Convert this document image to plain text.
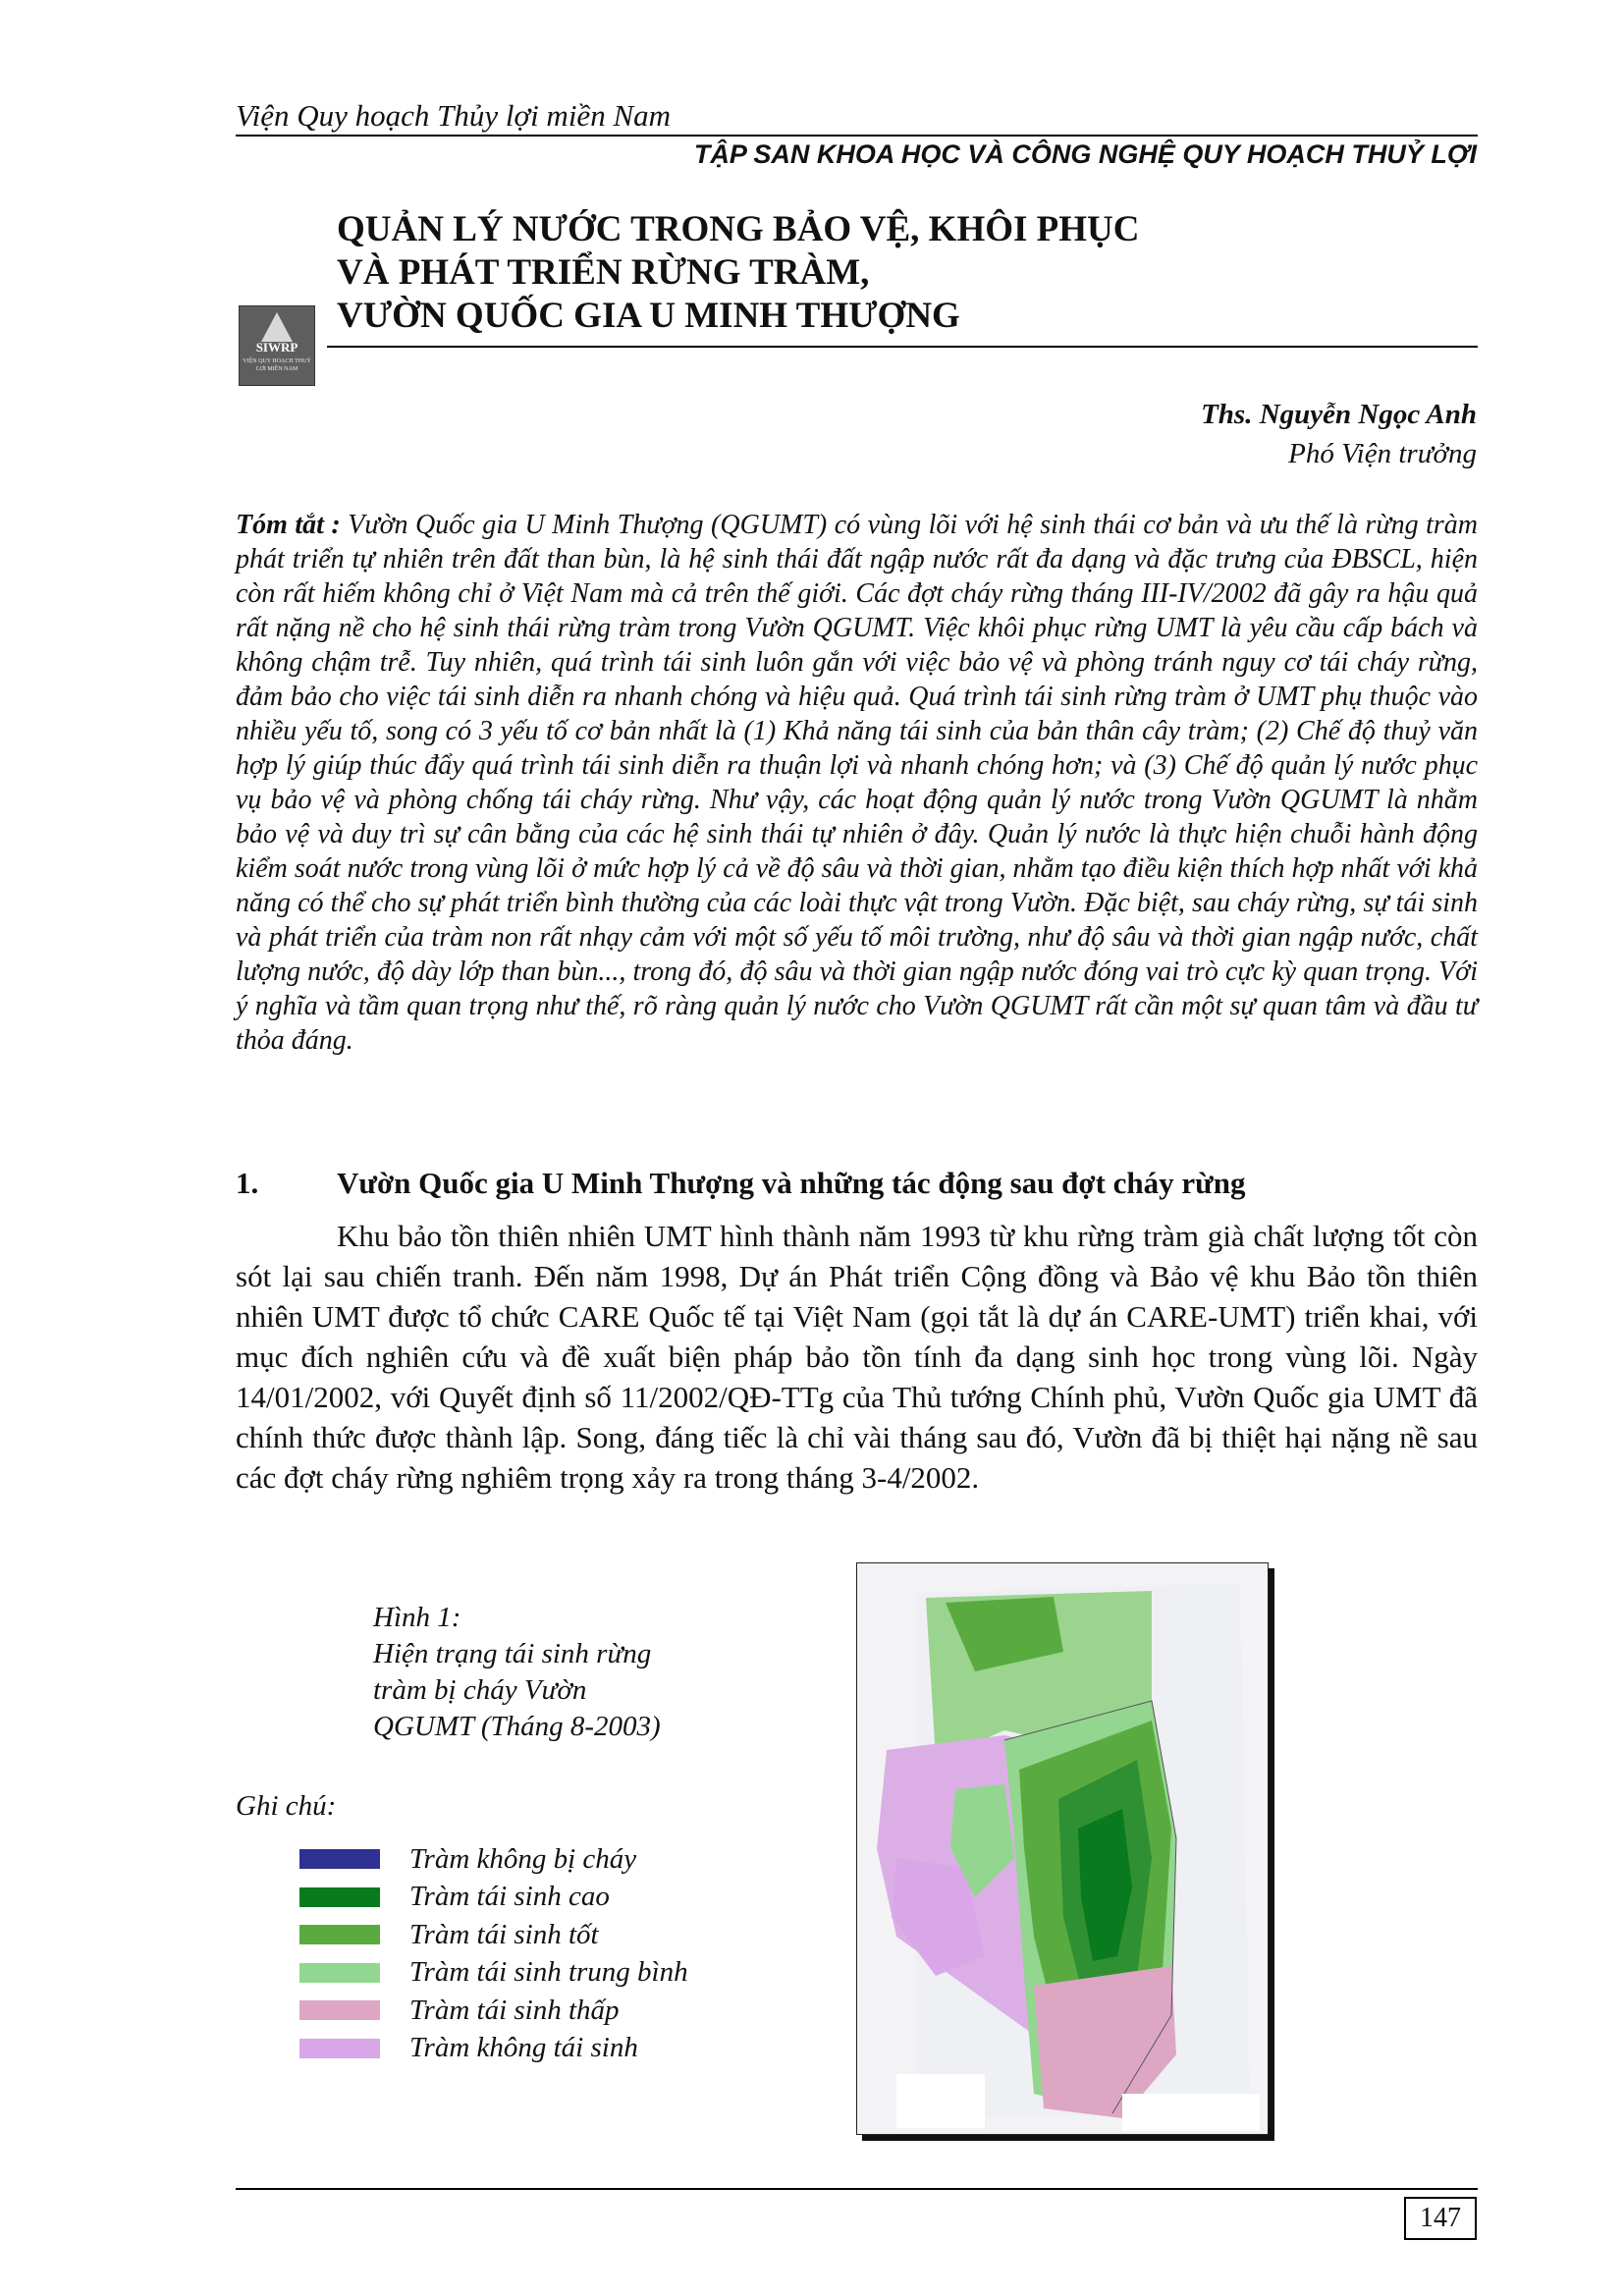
Viện Quy hoạch Thủy lợi miền Nam
TẬP SAN KHOA HỌC VÀ CÔNG NGHỆ QUY HOẠCH THUỶ LỢI
SIWRP
VIỆN QUY HOẠCH THUỶ LỢI MIỀN NAM
QUẢN LÝ NƯỚC TRONG BẢO VỆ, KHÔI PHỤC
VÀ PHÁT TRIỂN RỪNG TRÀM,
VƯỜN QUỐC GIA U MINH THƯỢNG
Ths. Nguyễn Ngọc Anh
Phó Viện trưởng
Tóm tắt : Vườn Quốc gia U Minh Thượng (QGUMT) có vùng lõi với hệ sinh thái cơ bản và ưu thế là rừng tràm phát triển tự nhiên trên đất than bùn, là hệ sinh thái đất ngập nước rất đa dạng và đặc trưng của ĐBSCL, hiện còn rất hiếm không chỉ ở Việt Nam mà cả trên thế giới. Các đợt cháy rừng tháng III-IV/2002 đã gây ra hậu quả rất nặng nề cho hệ sinh thái rừng tràm trong Vườn QGUMT. Việc khôi phục rừng UMT là yêu cầu cấp bách và không chậm trễ. Tuy nhiên, quá trình tái sinh luôn gắn với việc bảo vệ và phòng tránh nguy cơ tái cháy rừng, đảm bảo cho việc tái sinh diễn ra nhanh chóng và hiệu quả. Quá trình tái sinh rừng tràm ở UMT phụ thuộc vào nhiều yếu tố, song có 3 yếu tố cơ bản nhất là (1) Khả năng tái sinh của bản thân cây tràm; (2) Chế độ thuỷ văn hợp lý giúp thúc đẩy quá trình tái sinh diễn ra thuận lợi và nhanh chóng hơn; và (3) Chế độ quản lý nước phục vụ bảo vệ và phòng chống tái cháy rừng. Như vậy, các hoạt động quản lý nước trong Vườn QGUMT là nhằm bảo vệ và duy trì sự cân bằng của các hệ sinh thái tự nhiên ở đây. Quản lý nước là thực hiện chuỗi hành động kiểm soát nước trong vùng lõi ở mức hợp lý cả về độ sâu và thời gian, nhằm tạo điều kiện thích hợp nhất với khả năng có thể cho sự phát triển bình thường của các loài thực vật trong Vườn. Đặc biệt, sau cháy rừng, sự tái sinh và phát triển của tràm non rất nhạy cảm với một số yếu tố môi trường, như độ sâu và thời gian ngập nước, chất lượng nước, độ dày lớp than bùn..., trong đó, độ sâu và thời gian ngập nước đóng vai trò cực kỳ quan trọng. Với ý nghĩa và tầm quan trọng như thế, rõ ràng quản lý nước cho Vườn QGUMT rất cần một sự quan tâm và đầu tư thỏa đáng.
1.	Vườn Quốc gia U Minh Thượng và những tác động sau đợt cháy rừng
Khu bảo tồn thiên nhiên UMT hình thành năm 1993 từ khu rừng tràm già chất lượng tốt còn sót lại sau chiến tranh. Đến năm 1998, Dự án Phát triển Cộng đồng và Bảo vệ khu Bảo tồn thiên nhiên UMT được tổ chức CARE Quốc tế tại Việt Nam (gọi tắt là dự án CARE-UMT) triển khai, với mục đích nghiên cứu và đề xuất biện pháp bảo tồn tính đa dạng sinh học trong vùng lõi. Ngày 14/01/2002, với Quyết định số 11/2002/QĐ-TTg của Thủ tướng Chính phủ, Vườn Quốc gia UMT đã chính thức được thành lập. Song, đáng tiếc là chỉ vài tháng sau đó, Vườn đã bị thiệt hại nặng nề sau các đợt cháy rừng nghiêm trọng xảy ra trong tháng 3-4/2002.
Hình 1:
Hiện trạng tái sinh rừng
tràm bị cháy Vườn
QGUMT (Tháng 8-2003)
Ghi chú:
Tràm không bị cháy
Tràm tái sinh cao
Tràm tái sinh tốt
Tràm tái sinh trung bình
Tràm tái sinh thấp
Tràm không tái sinh
147
